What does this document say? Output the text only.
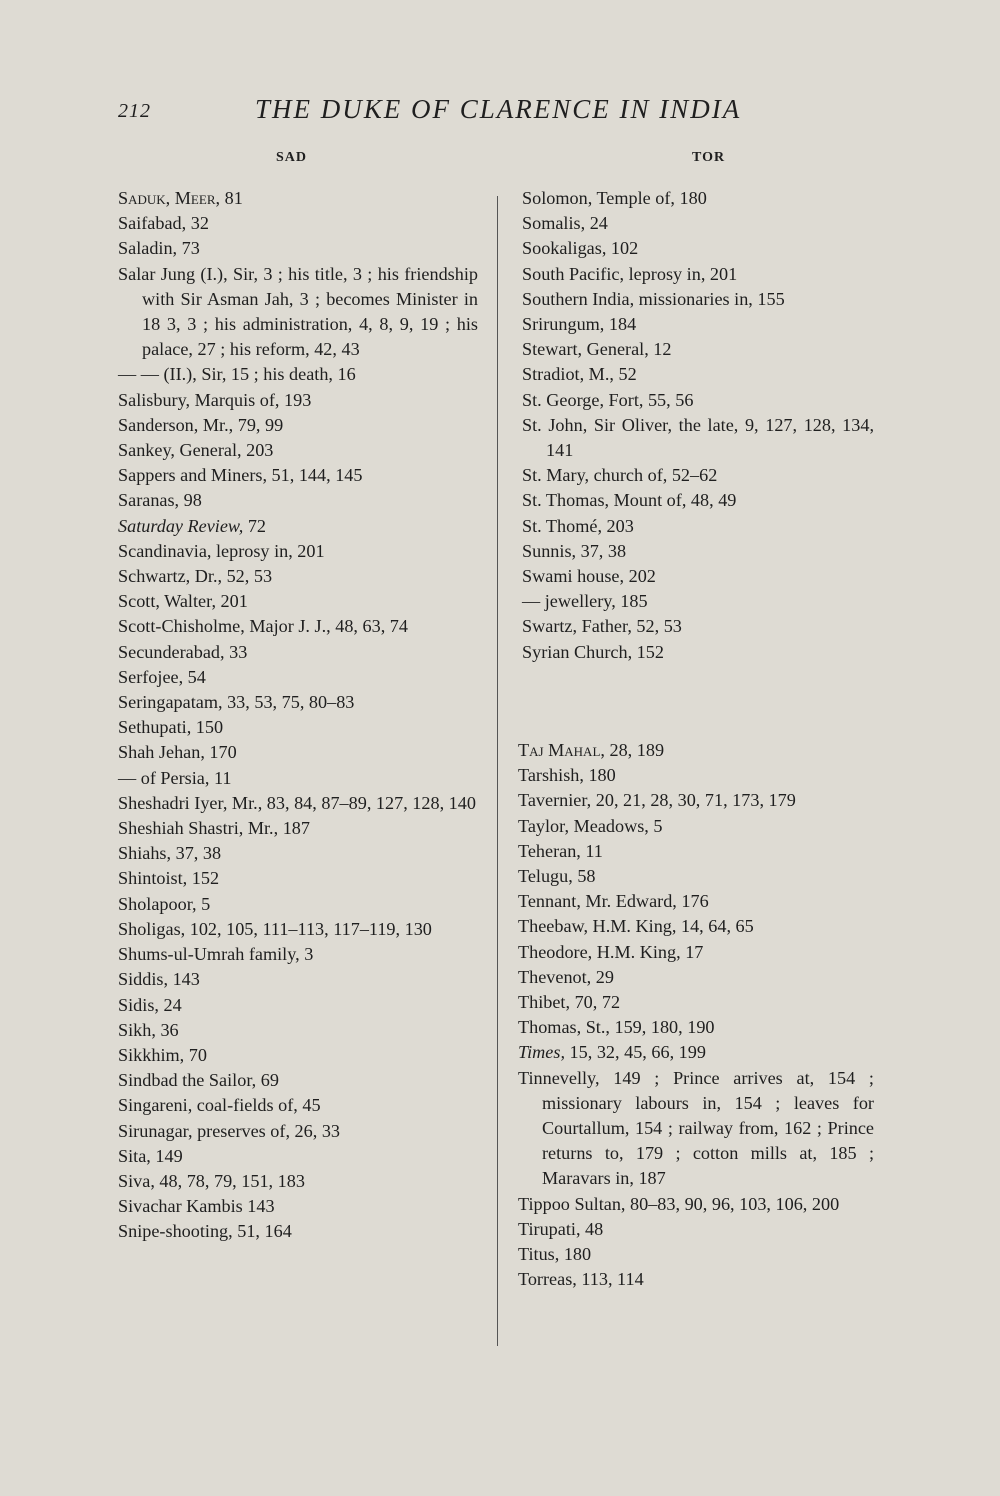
212	THE DUKE OF CLARENCE IN INDIA
SAD	TOR

Saduk, Meer, 81

Saifabad, 32

Saladin, 73

Salar Jung (I.), Sir, 3 ; his title, 3 ; his friendship with Sir Asman Jah, 3 ; becomes Minister in 18 3, 3 ; his administration, 4, 8, 9, 19 ; his palace, 27 ; his reform, 42, 43

— — (II.), Sir, 15 ; his death, 16

Salisbury, Marquis of, 193

Sanderson, Mr., 79, 99

Sankey, General, 203

Sappers and Miners, 51, 144, 145

Saranas, 98

Saturday Review, 72

Scandinavia, leprosy in, 201

Schwartz, Dr., 52, 53

Scott, Walter, 201

Scott-Chisholme, Major J. J., 48, 63, 74

Secunderabad, 33

Serfojee, 54

Seringapatam, 33, 53, 75, 80–83

Sethupati, 150

Shah Jehan, 170

— of Persia, 11

Sheshadri Iyer, Mr., 83, 84, 87–89, 127, 128, 140

Sheshiah Shastri, Mr., 187

Shiahs, 37, 38

Shintoist, 152

Sholapoor, 5

Sholigas, 102, 105, 111–113, 117–119, 130

Shums-ul-Umrah family, 3

Siddis, 143

Sidis, 24

Sikh, 36

Sikkhim, 70

Sindbad the Sailor, 69

Singareni, coal-fields of, 45

Sirunagar, preserves of, 26, 33

Sita, 149

Siva, 48, 78, 79, 151, 183

Sivachar Kambis 143

Snipe-shooting, 51, 164

Solomon, Temple of, 180

Somalis, 24

Sookaligas, 102

South Pacific, leprosy in, 201

Southern India, missionaries in, 155

Srirungum, 184

Stewart, General, 12

Stradiot, M., 52

St. George, Fort, 55, 56

St. John, Sir Oliver, the late, 9, 127, 128, 134, 141

St. Mary, church of, 52–62

St. Thomas, Mount of, 48, 49

St. Thomé, 203

Sunnis, 37, 38

Swami house, 202

— jewellery, 185

Swartz, Father, 52, 53

Syrian Church, 152

Taj Mahal, 28, 189

Tarshish, 180

Tavernier, 20, 21, 28, 30, 71, 173, 179

Taylor, Meadows, 5

Teheran, 11

Telugu, 58

Tennant, Mr. Edward, 176

Theebaw, H.M. King, 14, 64, 65

Theodore, H.M. King, 17

Thevenot, 29

Thibet, 70, 72

Thomas, St., 159, 180, 190

Times, 15, 32, 45, 66, 199

Tinnevelly, 149 ; Prince arrives at, 154 ; missionary labours in, 154 ; leaves for Courtallum, 154 ; railway from, 162 ; Prince returns to, 179 ; cotton mills at, 185 ; Maravars in, 187

Tippoo Sultan, 80–83, 90, 96, 103, 106, 200

Tirupati, 48

Titus, 180

Torreas, 113, 114
